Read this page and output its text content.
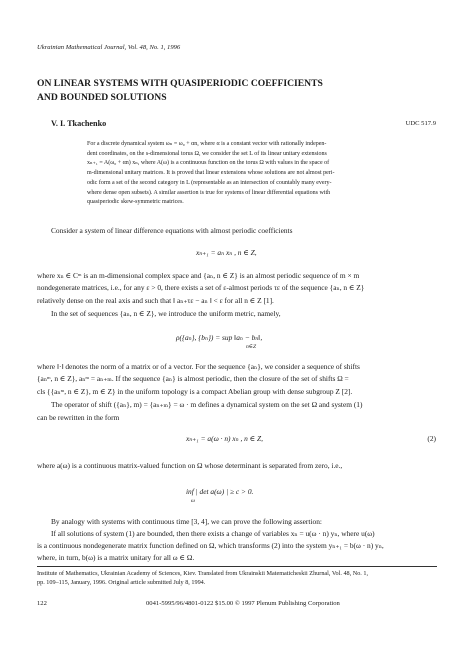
Ukrainian Mathematical Journal, Vol. 48, No. 1, 1996
ON LINEAR SYSTEMS WITH QUASIPERIODIC COEFFICIENTS
AND BOUNDED SOLUTIONS
V. I. Tkachenko	UDC 517.9
For a discrete dynamical system ωₙ = ω₀ + αn, where α is a constant vector with rationally indepen-
dent coordinates, on the s-dimensional torus Ω, we consider the set L of its linear unitary extensions
xₙ₊₁ = A(ω₀ + αn) xₙ, where A(ω) is a continuous function on the torus Ω with values in the space of
m-dimensional unitary matrices. It is proved that linear extensions whose solutions are not almost peri-
odic form a set of the second category in L (representable as an intersection of countably many every-
where dense open subsets). A similar assertion is true for systems of linear differential equations with
quasiperiodic skew-symmetric matrices.
Consider a system of linear difference equations with almost periodic coefficients
xₙ₊₁ = aₙ xₙ , n ∈ Z,
where xₙ ∈ Cᵐ is an m-dimensional complex space and {aₙ, n ∈ Z} is an almost periodic sequence of m × m
nondegenerate matrices, i.e., for any ε > 0, there exists a set of ε-almost periods τε of the sequence {aₙ, n ∈ Z}
relatively dense on the real axis and such that ‖ aₙ₊τε − aₙ ‖ < ε for all n ∈ Z [1].
In the set of sequences {aₙ, n ∈ Z}, we introduce the uniform metric, namely,
ρ({aₙ}, {bₙ}) = sup ‖aₙ − bₙ‖,
n∈Z
where ‖·‖ denotes the norm of a matrix or of a vector. For the sequence {aₙ}, we consider a sequence of shifts
{aₙᵐ, n ∈ Z}, aₙᵐ = aₙ₊ₘ. If the sequence {aₙ} is almost periodic, then the closure of the set of shifts Ω =
cls {{aₙᵐ, n ∈ Z}, m ∈ Z} in the uniform topology is a compact Abelian group with dense subgroup Z [2].
The operator of shift ({aₙ}, m) = {aₙ₊ₘ} = ω · m defines a dynamical system on the set Ω and system (1)
can be rewritten in the form
xₙ₊₁ = a(ω · n) xₙ , n ∈ Z,	(2)
where a(ω) is a continuous matrix-valued function on Ω whose determinant is separated from zero, i.e.,
inf | det a(ω) | ≥ c > 0.
ω
By analogy with systems with continuous time [3, 4], we can prove the following assertion:
If all solutions of system (1) are bounded, then there exists a change of variables xₙ = u(ω · n) yₙ, where u(ω)
is a continuous nondegenerate matrix function defined on Ω, which transforms (2) into the system yₙ₊₁ = b(ω · n) yₙ,
where, in turn, b(ω) is a matrix unitary for all ω ∈ Ω.
Institute of Mathematics, Ukrainian Academy of Sciences, Kiev. Translated from Ukrainskii Matematicheskii Zhurnal, Vol. 48, No. 1,
pp. 109–115, January, 1996. Original article submitted July 8, 1994.
122	0041-5995/96/4801-0122 $15.00 © 1997 Plenum Publishing Corporation
